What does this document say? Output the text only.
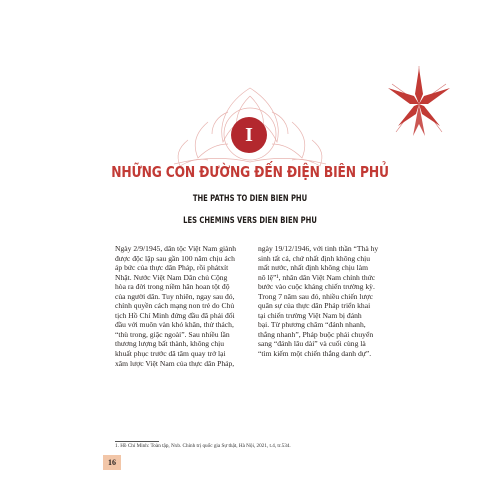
I
NHỮNG CON ĐƯỜNG ĐẾN ĐIỆN BIÊN PHỦ
THE PATHS TO DIEN BIEN PHU
LES CHEMINS VERS DIEN BIEN PHU
Ngày 2/9/1945, dân tộc Việt Nam giành
được độc lập sau gần 100 năm chịu ách
áp bức của thực dân Pháp, rồi phátxít
Nhật. Nước Việt Nam Dân chủ Cộng
hòa ra đời trong niềm hân hoan tột độ
của người dân. Tuy nhiên, ngay sau đó,
chính quyền cách mạng non trẻ do Chủ
tịch Hồ Chí Minh đứng đầu đã phải đối
đầu với muôn vàn khó khăn, thử thách,
“thù trong, giặc ngoài”. Sau nhiều lần
thương lượng bất thành, không chịu
khuất phục trước dã tâm quay trở lại
xâm lược Việt Nam của thực dân Pháp,
ngày 19/12/1946, với tinh thần “Thà hy
sinh tất cả, chứ nhất định không chịu
mất nước, nhất định không chịu làm
nô lệ”¹, nhân dân Việt Nam chính thức
bước vào cuộc kháng chiến trường kỳ.
Trong 7 năm sau đó, nhiều chiến lược
quân sự của thực dân Pháp triển khai
tại chiến trường Việt Nam bị đánh
bại. Từ phương châm “đánh nhanh,
thắng nhanh”, Pháp buộc phải chuyển
sang “đánh lâu dài” và cuối cùng là
“tìm kiếm một chiến thắng danh dự”.
1. Hồ Chí Minh: Toàn tập, Nxb. Chính trị quốc gia Sự thật, Hà Nội, 2021, t.4, tr.534.
16
